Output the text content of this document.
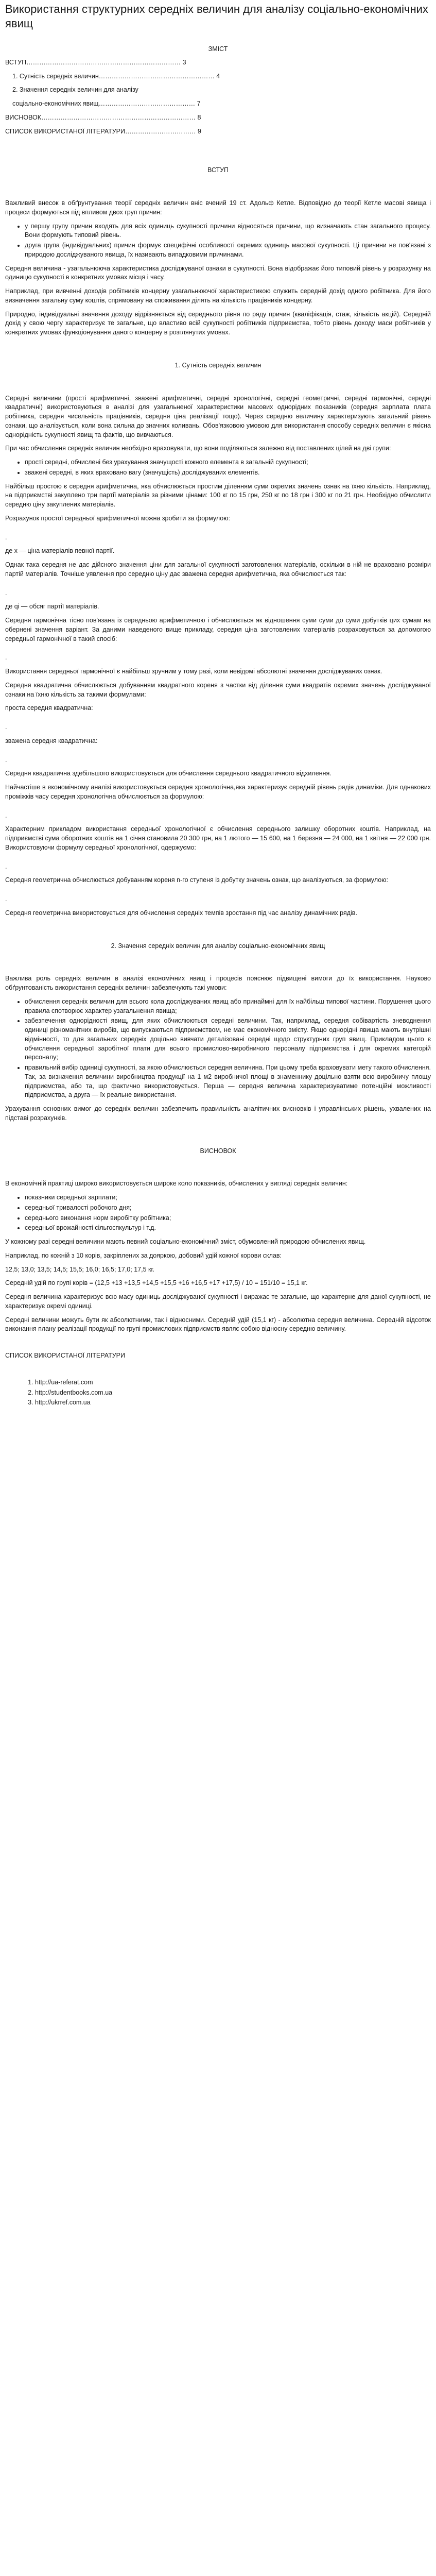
Використання структурних середніх величин для аналізу соціально-економічних явищ

ЗМІСТ

ВСТУП……………………………………………………………… 3
1. Сутність середніх величин……………………………………………… 4
2. Значення середніх величин для аналізу
соціально-економічних явищ……………………………………… 7
ВИСНОВОК……………………………………………………………… 8
СПИСОК ВИКОРИСТАНОЇ ЛІТЕРАТУРИ…………………………… 9

ВСТУП

Важливий внесок в обґрунтування теорії середніх величин вніс вчений 19 ст. Адольф Кетле. Відповідно до теорії Кетле масові явища і процеси формуються під впливом двох груп причин:

• у першу групу причин входять для всіх одиниць сукупності причини відносяться причини, що визначають стан загального процесу. Вони формують типовий рівень.
• друга група (індивідуальних) причин формує специфічні особливості окремих одиниць масової сукупності. Ці причини не пов'язані з природою досліджуваного явища, їх називають випадковими причинами.

Середня величина - узагальнююча характеристика досліджуваної ознаки в сукупності. Вона відображає його типовий рівень у розрахунку на одиницю сукупності в конкретних умовах місця і часу.

Наприклад, при вивченні доходів робітників концерну узагальнюючої характеристикою служить середній дохід одного робітника. Для його визначення загальну суму коштів, спрямовану на споживання ділять на кількість працівників концерну.

Природно, індивідуальні значення доходу відрізняється від середнього рівня по ряду причин (кваліфікація, стаж, кількість акцій). Середній дохід у свою чергу характеризує те загальне, що властиво всій сукупності робітників підприємства, тобто рівень доходу маси робітників у конкретних умовах функціонування даного концерну в розглянутих умовах.

1. Сутність середніх величин

Середні величини (прості арифметичні, зважені арифметичні, середні хронологічні, середні геометричні, середні гармонічні, середні квадратичні) використовуються в аналізі для узагальненої характеристики масових однорідних показників (середня зарплата плата робітника, середня чисельність працівників, середня ціна реалізації тощо). Через середню величину характеризують загальний рівень ознаки, що аналізується, коли вона сильна до значних коливань. Обов'язковою умовою для використання способу середніх величин є якісна однорідність сукупності явищ та фактів, що вивчаються.

При час обчислення середніх величин необхідно враховувати, що вони поділяються залежно від поставлених цілей на дві групи:

• прості середні, обчислені без урахування значущості кожного елемента в загальній сукупності;
• зважені середні, в яких враховано вагу (значущість) досліджуваних елементів.

Найбільш простою є середня арифметична, яка обчислюється простим діленням суми окремих значень ознак на їхню кількість. Наприклад, на підприємстві закуплено три партії матеріалів за різними цінами: 100 кг по 15 грн, 250 кг по 18 грн і 300 кг по 21 грн. Необхідно обчислити середню ціну закуплених матеріалів.

Розрахунок простої середньої арифметичної можна зробити за формулою:

.

де x — ціна матеріалів певної партії.

Однак така середня не дає дійсного значення ціни для загальної сукупності заготовлених матеріалів, оскільки в ній не враховано розміри партій матеріалів. Точніше уявлення про середню ціну дає зважена середня арифметична, яка обчислюється так:

.

де qi — обсяг партії матеріалів.

Середня гармонічна тісно пов'язана із середньою арифметичною і обчислюється як відношення суми суми до суми добутків цих сумам на обернені значення варіант. За даними наведеного вище прикладу, середня ціна заготовлених матеріалів розраховується за допомогою середньої гармонічної в такий спосіб:

.

Використання середньої гармонічної є найбільш зручним у тому разі, коли невідомі абсолютні значення досліджуваних ознак.

Середня квадратична обчислюється добуванням квадратного кореня з частки від ділення суми квадратів окремих значень досліджуваної ознаки на їхню кількість за такими формулами:

проста середня квадратична:

.

зважена середня квадратична:

.

Середня квадратична здебільшого використовується для обчислення середнього квадратичного відхилення.

Найчастіше в економічному аналізі використовується середня хронологічна,яка характеризує середній рівень рядів динаміки. Для однакових проміжків часу середня хронологічна обчислюється за формулою:

.

Характерним прикладом використання середньої хронологічної є обчислення середнього залишку оборотних коштів. Наприклад, на підприємстві сума оборотних коштів на 1 січня становила 20 300 грн, на 1 лютого — 15 600, на 1 березня — 24 000, на 1 квітня — 22 000 грн. Використовуючи формулу середньої хронологічної, одержуємо:

.

Середня геометрична обчислюється добуванням кореня n-го ступеня із добутку значень ознак, що аналізуються, за формулою:

.

Середня геометрична використовується для обчислення середніх темпів зростання під час аналізу динамічних рядів.

2. Значення середніх величин для аналізу соціально-економічних явищ

Важлива роль середніх величин в аналізі економічних явищ і процесів пояснює підвищені вимоги до їх використання. Науково обґрунтованість використання середніх величин забезпечують такі умови:

• обчислення середніх величин для всього кола досліджуваних явищ або принаймні для їх найбільш типової частини. Порушення цього правила спотворює характер узагальнення явища;
• забезпечення однорідності явищ, для яких обчислюються середні величини. Так, наприклад, середня собівартість зневоднення одиниці різноманітних виробів, що випускаються підприємством, не має економічного змісту. Якщо однорідні явища мають внутрішні відмінності, то для загальних середніх доцільно вивчати деталізовані середні щодо структурних груп явищ. Прикладом цього є обчислення середньої заробітної плати для всього промислово-виробничого персоналу підприємства і для окремих категорій персоналу;
• правильний вибір одиниці сукупності, за якою обчислюється середня величина. При цьому треба враховувати мету такого обчислення. Так, за визначення величини виробництва продукції на 1 м2 виробничої площі в знаменнику доцільно взяти всю виробничу площу підприємства, або та, що фактично використовується. Перша — середня величина характеризуватиме потенційні можливості підприємства, а друга — їх реальне використання.

Урахування основних вимог до середніх величин забезпечить правильність аналітичних висновків і управлінських рішень, ухвалених на підставі розрахунків.

ВИСНОВОК

В економічній практиці широко використовується широке коло показників, обчислених у вигляді середніх величин:

• показники середньої зарплати;
• середньої тривалості робочого дня;
• середнього виконання норм виробітку робітника;
• середньої врожайності сільгоспкультур і т.д.

У кожному разі середні величини мають певний соціально-економічний зміст, обумовлений природою обчислених явищ.

Наприклад, по кожній з 10 корів, закріплених за дояркою, добовий удій кожної корови склав:

12,5; 13,0; 13,5; 14,5; 15,5; 16,0; 16,5; 17,0; 17,5 кг.

Середній удій по групі корів = (12,5 +13 +13,5 +14,5 +15,5 +16 +16,5 +17 +17,5) / 10 = 151/10 = 15,1 кг.

Середня величина характеризує всю масу одиниць досліджуваної сукупності і виражає те загальне, що характерне для даної сукупності, не характеризує окремі одиниці.

Середні величини можуть бути як абсолютними, так і відносними. Середній удій (15,1 кг) - абсолютна середня величина. Середній відсоток виконання плану реалізації продукції по групі промислових підприємств являє собою відносну середню величину.

СПИСОК ВИКОРИСТАНОЇ ЛІТЕРАТУРИ

1. http://ua-referat.com
2. http://studentbooks.com.ua
3. http://ukrref.com.ua
